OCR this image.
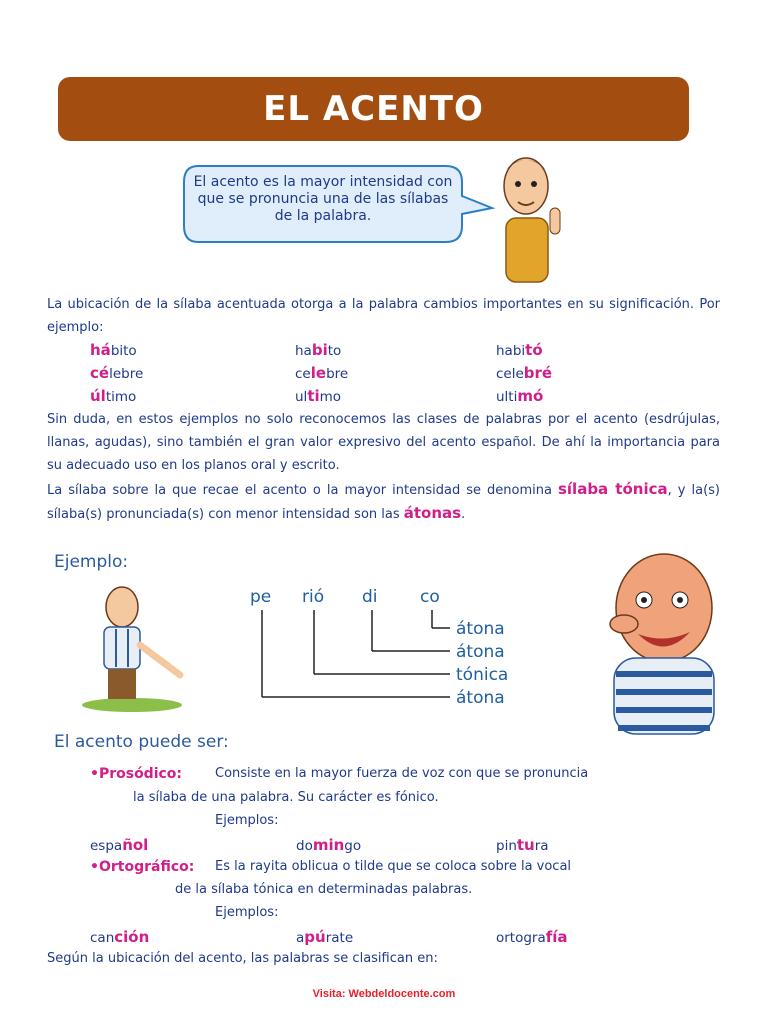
EL ACENTO
El acento es la mayor intensidad con que se pronuncia una de las sílabas de la palabra.
La ubicación de la sílaba acentuada otorga a la palabra cambios importantes en su significación. Por ejemplo:
hábito	habito	habitó
célebre	celebre	celebré
último	ultimo	ultimó
Sin duda, en estos ejemplos no solo reconocemos las clases de palabras por el acento (esdrújulas, llanas, agudas), sino también el gran valor expresivo del acento español. De ahí la importancia para su adecuado uso en los planos oral y escrito.
La sílaba sobre la que recae el acento o la mayor intensidad se denomina sílaba tónica, y la(s) sílaba(s) pronunciada(s) con menor intensidad son las átonas.
Ejemplo:
pe rió di co
átona
átona
tónica
átona
El acento puede ser:
•Prosódico:	Consiste en la mayor fuerza de voz con que se pronuncia
la sílaba de una palabra. Su carácter es fónico.
Ejemplos:
español	domingo	pintura
•Ortográfico: Es la rayita oblicua o tilde que se coloca sobre la vocal
de la sílaba tónica en determinadas palabras.
Ejemplos:
canción	apúrate	ortografía
Según la ubicación del acento, las palabras se clasifican en:
Visita: Webdeldocente.com
